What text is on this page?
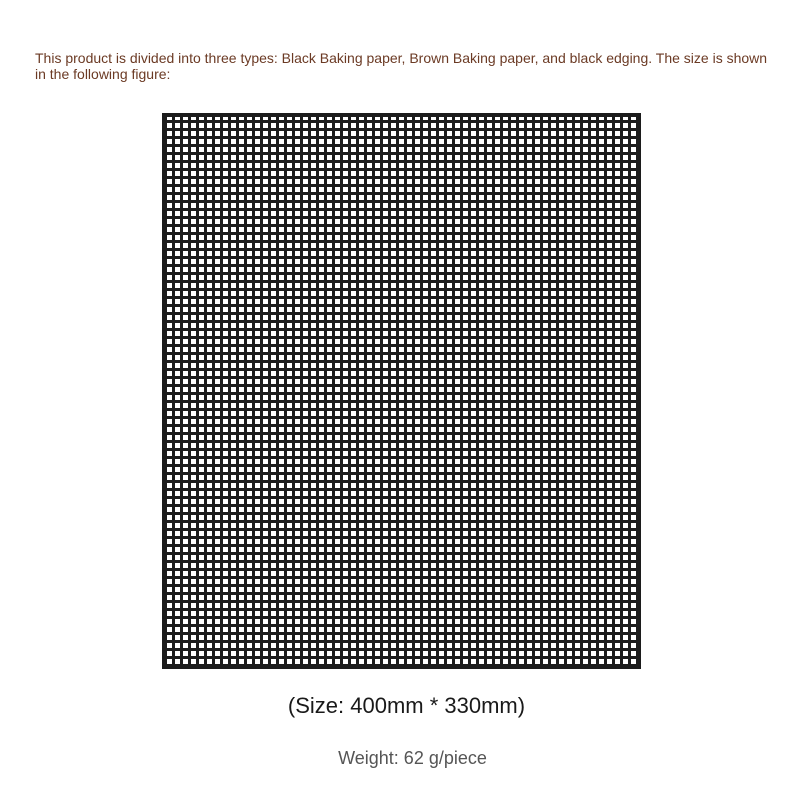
This product is divided into three types: Black Baking paper, Brown Baking paper, and black edging. The size is shown in the following figure:

(Size: 400mm * 330mm)

Weight: 62 g/piece
